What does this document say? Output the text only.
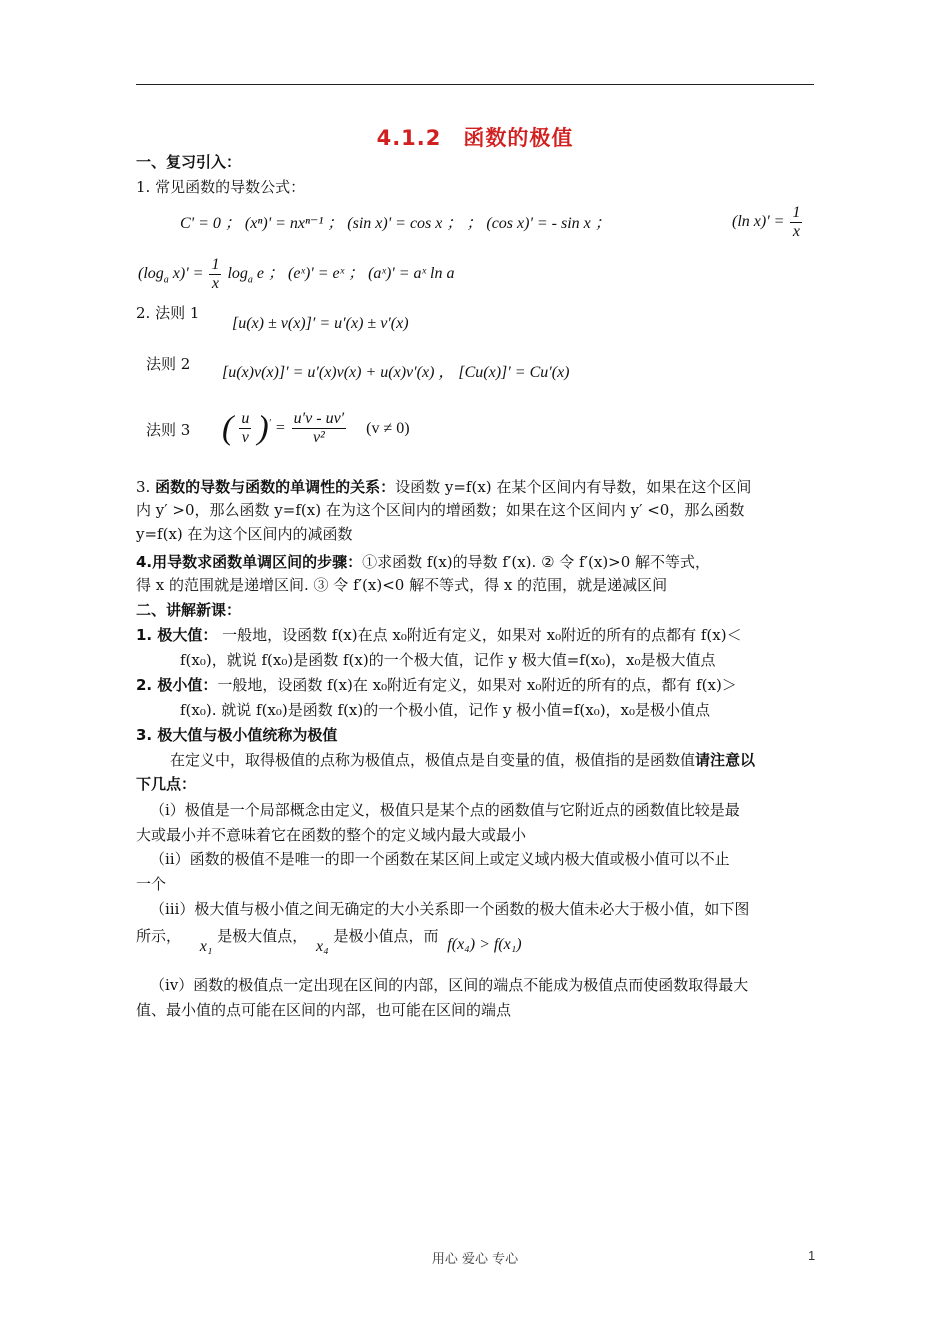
4.1.2　函数的极值
一、复习引入：
1. 常见函数的导数公式：
C' = 0 ； (xⁿ)' = nxⁿ⁻¹ ； (sin x)' = cos x ； ； (cos x)' = - sin x ；	(ln $x)' = \frac{1}{x}$
($\log_a$ $x)' = \frac{1}{x} \log_a e$ ； (eˣ)' = eˣ ； (aˣ)' = aˣ ln a
2. 法则 1
[u(x) ± v(x)]′ = u′(x) ± v′(x)
法则 2 [u(x)v(x)]′ = u′(x)v(x) + u(x)v′(x) ， [Cu(x)]′ = Cu′(x)
法则 3 ( $\frac{u}{v} )' = \frac{u'v - uv'}{\text{v²}} (v \ne 0)$
3. 函数的导数与函数的单调性的关系：设函数 y=f(x) 在某个区间内有导数，如果在这个区间
内 y′ >0，那么函数 y=f(x) 在为这个区间内的增函数；如果在这个区间内 y′ <0，那么函数
y=f(x) 在为这个区间内的减函数
4.用导数求函数单调区间的步骤：①求函数 f(x)的导数 f′(x). ② 令 f′(x)>0 解不等式，
得 x 的范围就是递增区间. ③ 令 f′(x)<0 解不等式，得 x 的范围，就是递减区间
二、讲解新课：
1. 极大值： 一般地，设函数 f(x)在点 x₀附近有定义，如果对 x₀附近的所有的点都有 f(x)＜
f(x₀)，就说 f(x₀)是函数 f(x)的一个极大值，记作 y 极大值=f(x₀)，x₀是极大值点
2. 极小值：一般地，设函数 f(x)在 x₀附近有定义，如果对 x₀附近的所有的点，都有 f(x)＞
f(x₀). 就说 f(x₀)是函数 f(x)的一个极小值，记作 y 极小值=f(x₀)，x₀是极小值点
3. 极大值与极小值统称为极值
在定义中，取得极值的点称为极值点，极值点是自变量的值，极值指的是函数值请注意以
下几点：
（ⅰ）极值是一个局部概念由定义，极值只是某个点的函数值与它附近点的函数值比较是最
大或最小并不意味着它在函数的整个的定义域内最大或最小
（ⅱ）函数的极值不是唯一的即一个函数在某区间上或定义域内极大值或极小值可以不止
一个
（ⅲ）极大值与极小值之间无确定的大小关系即一个函数的极大值未必大于极小值，如下图
所示， x₁ 是极大值点， x₄ 是极小值点，而 f(x₄) > f(x₁)
（ⅳ）函数的极值点一定出现在区间的内部，区间的端点不能成为极值点而使函数取得最大
值、最小值的点可能在区间的内部，也可能在区间的端点
用心 爱心 专心	1
